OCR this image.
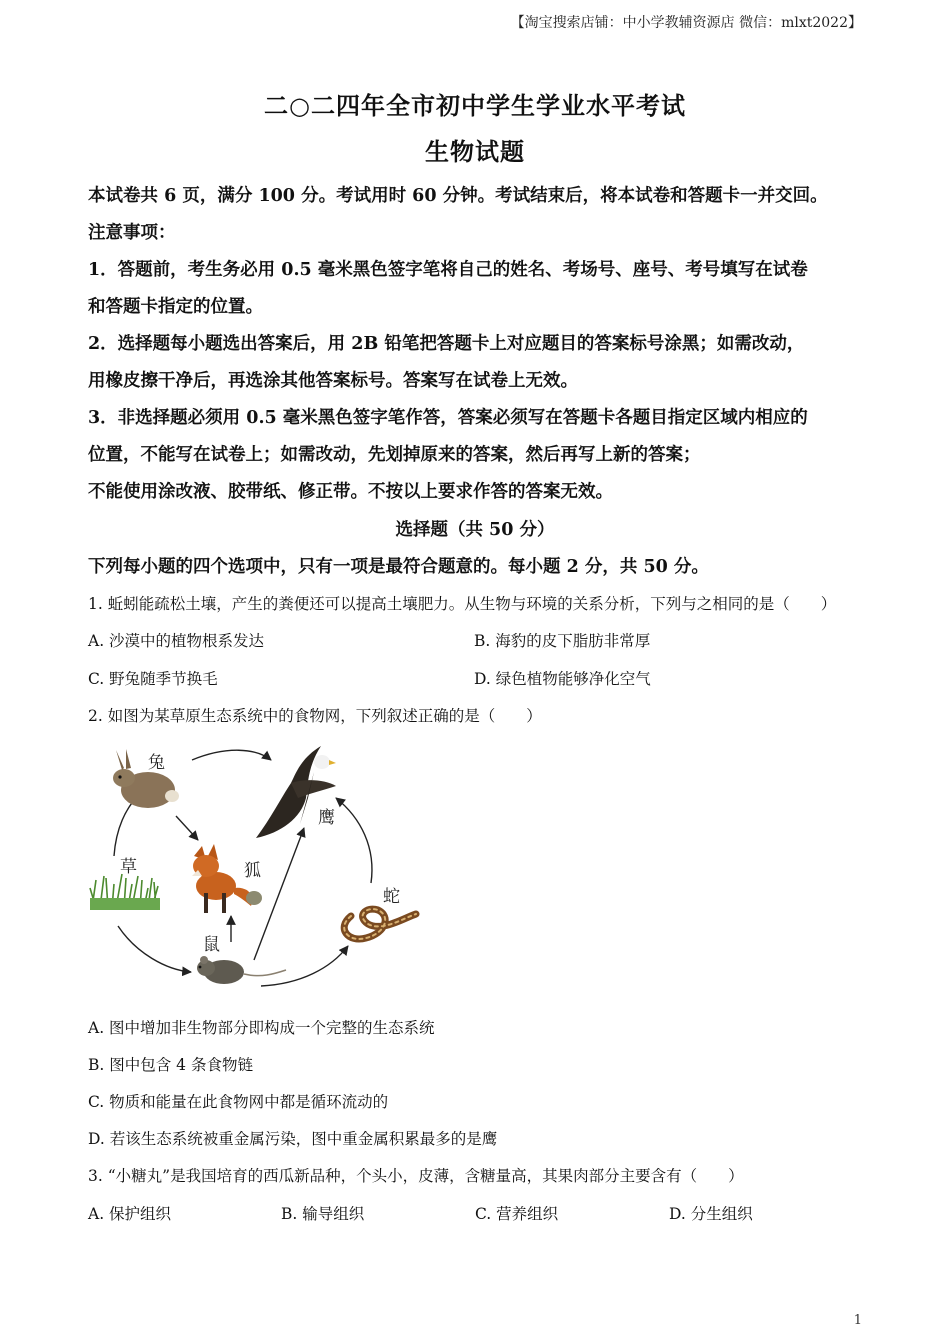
【淘宝搜索店铺：中小学教辅资源店 微信：mlxt2022】
二○二四年全市初中学生学业水平考试
生物试题
本试卷共 6 页，满分 100 分。考试用时 60 分钟。考试结束后，将本试卷和答题卡一并交回。
注意事项：
1．答题前，考生务必用 0.5 毫米黑色签字笔将自己的姓名、考场号、座号、考号填写在试卷
和答题卡指定的位置。
2．选择题每小题选出答案后，用 2B 铅笔把答题卡上对应题目的答案标号涂黑；如需改动，
用橡皮擦干净后，再选涂其他答案标号。答案写在试卷上无效。
3．非选择题必须用 0.5 毫米黑色签字笔作答，答案必须写在答题卡各题目指定区域内相应的
位置，不能写在试卷上；如需改动，先划掉原来的答案，然后再写上新的答案；
不能使用涂改液、胶带纸、修正带。不按以上要求作答的答案无效。
选择题（共 50 分）
下列每小题的四个选项中，只有一项是最符合题意的。每小题 2 分，共 50 分。
1. 蚯蚓能疏松土壤，产生的粪便还可以提高土壤肥力。从生物与环境的关系分析，下列与之相同的是（　　）
A. 沙漠中的植物根系发达	B. 海豹的皮下脂肪非常厚
C. 野兔随季节换毛	D. 绿色植物能够净化空气
2. 如图为某草原生态系统中的食物网，下列叙述正确的是（　　）
兔
鹰
草	狐
蛇
鼠
A. 图中增加非生物部分即构成一个完整的生态系统
B. 图中包含 4 条食物链
C. 物质和能量在此食物网中都是循环流动的
D. 若该生态系统被重金属污染，图中重金属积累最多的是鹰
3. “小糖丸”是我国培育的西瓜新品种，个头小，皮薄，含糖量高，其果肉部分主要含有（　　）
A. 保护组织	B. 输导组织	C. 营养组织	D. 分生组织
1
